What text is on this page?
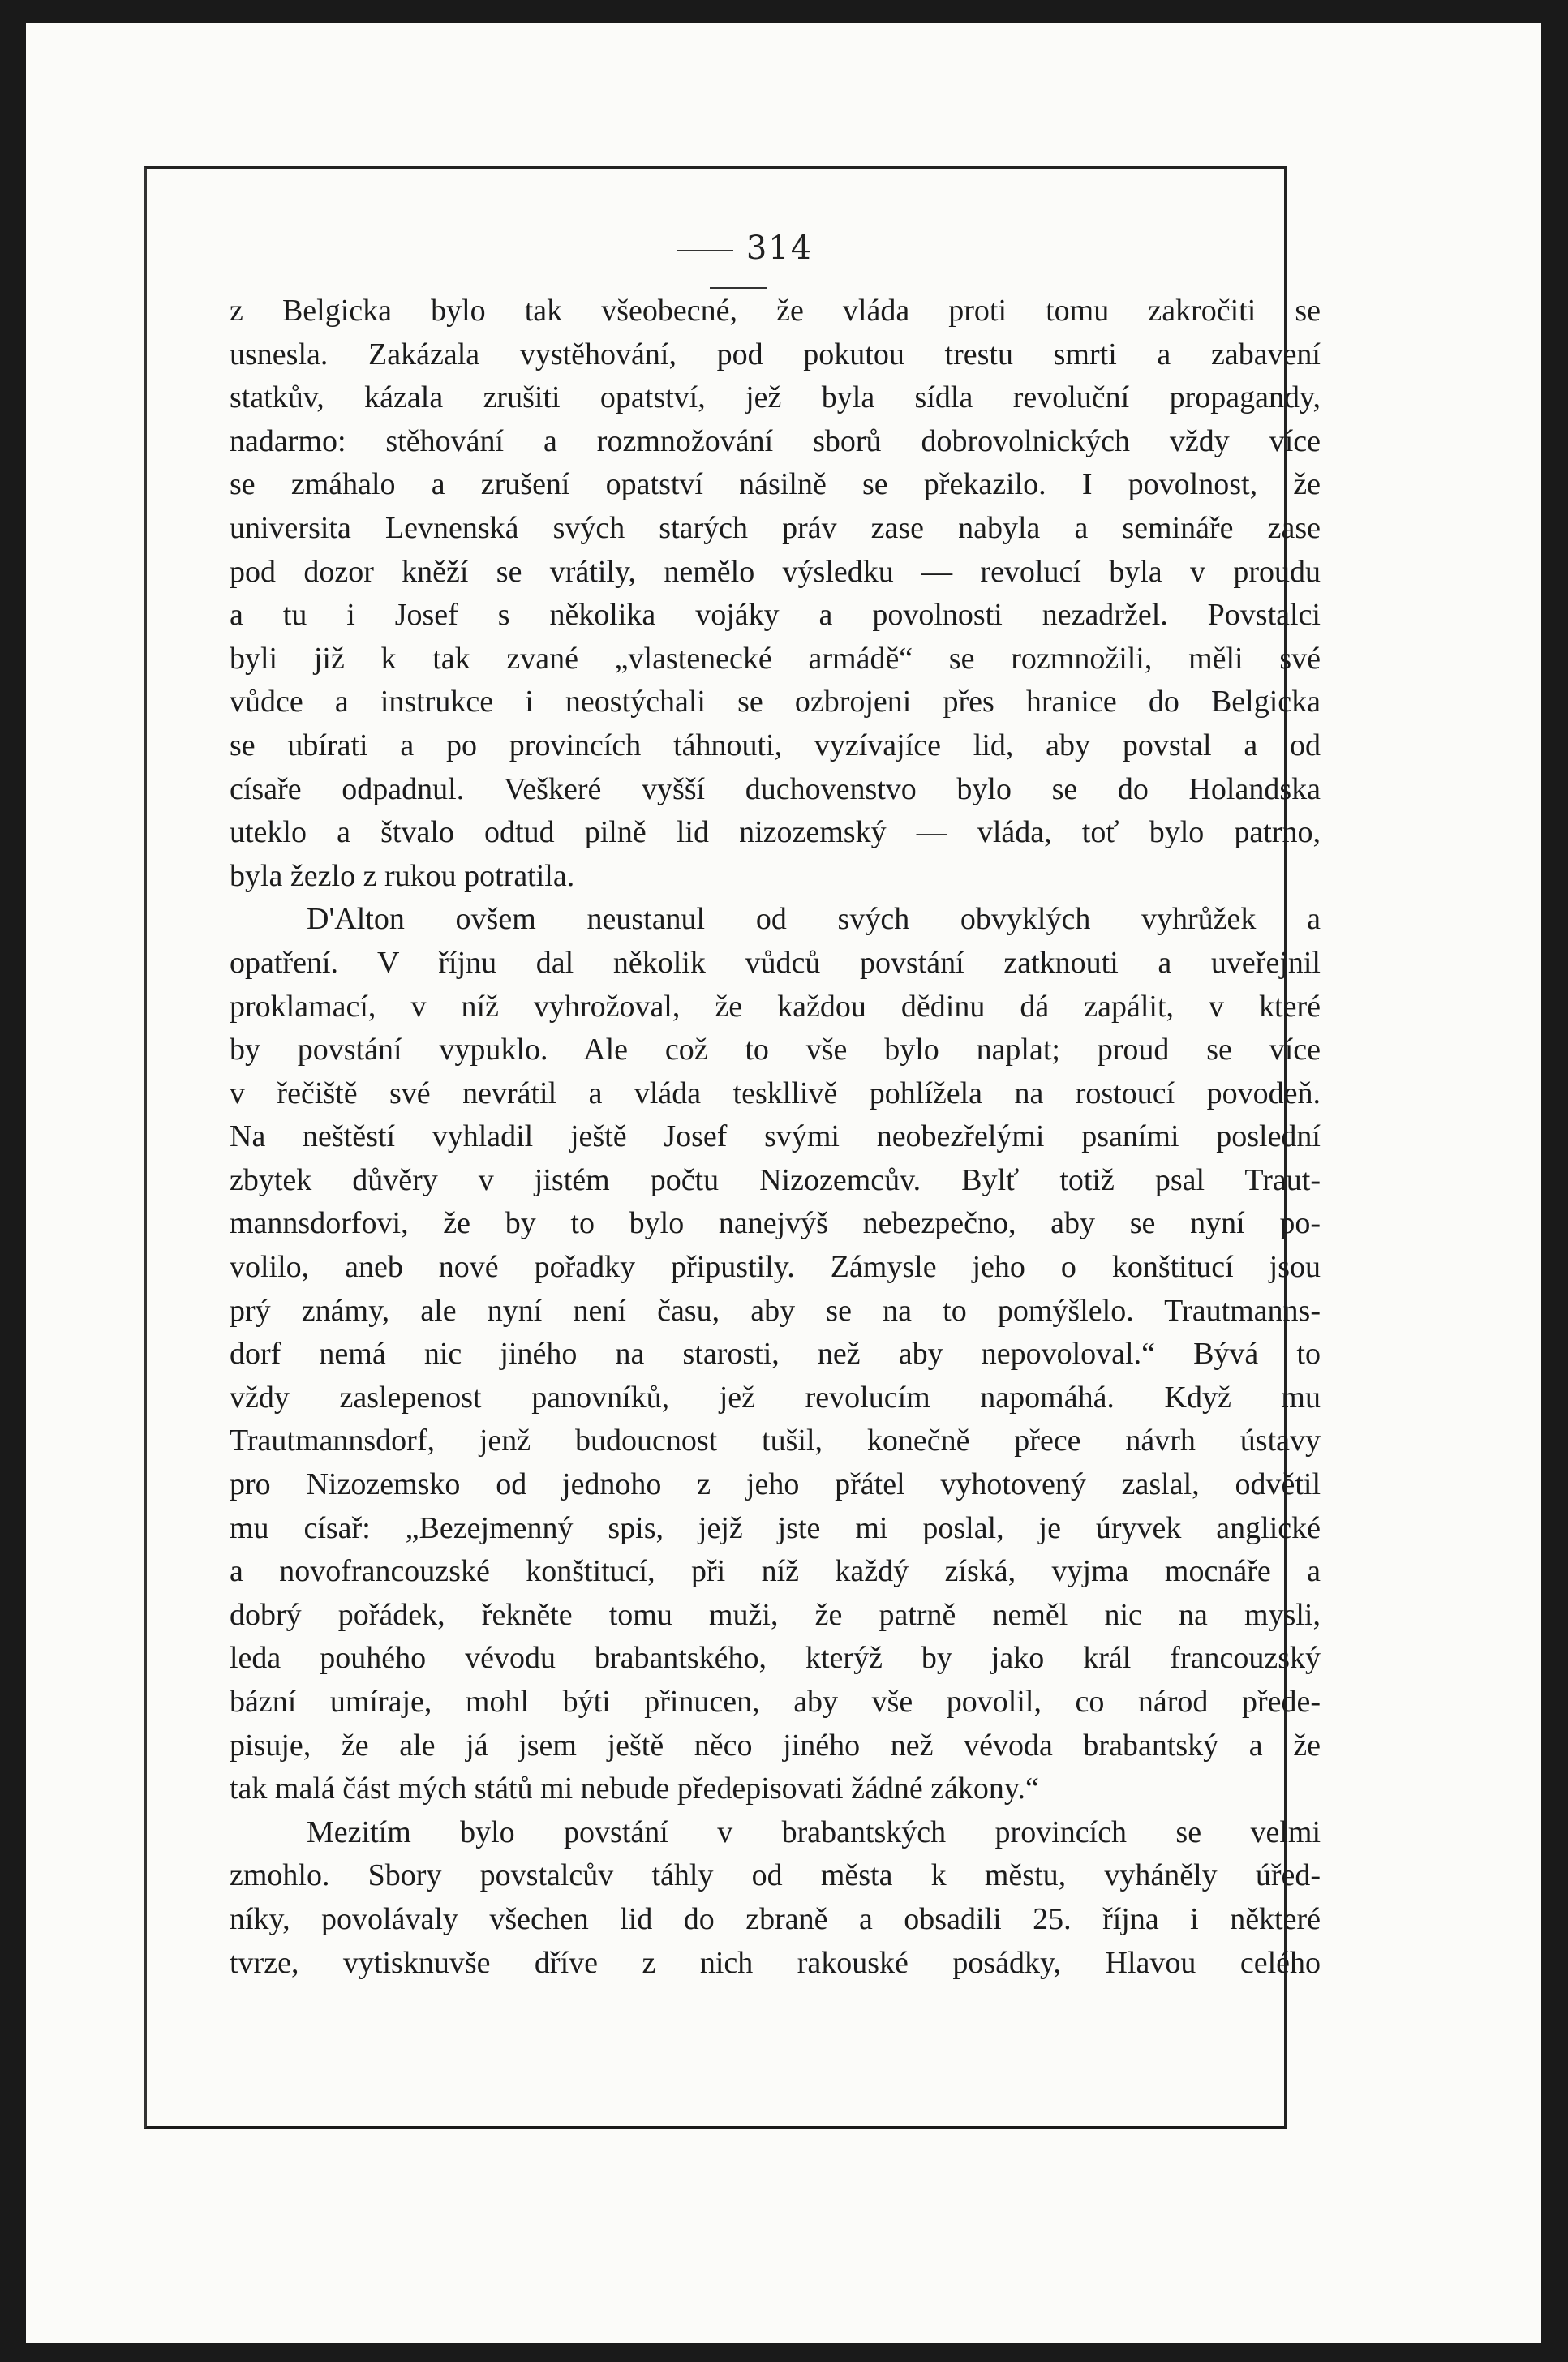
314
z Belgicka bylo tak všeobecné, že vláda proti tomu zakročiti se
usnesla. Zakázala vystěhování, pod pokutou trestu smrti a zabavení
statkův, kázala zrušiti opatství, jež byla sídla revoluční propagandy,
nadarmo: stěhování a rozmnožování sborů dobrovolnických vždy více
se zmáhalo a zrušení opatství násilně se překazilo. I povolnost, že
universita Levnenská svých starých práv zase nabyla a semináře zase
pod dozor kněží se vrátily, nemělo výsledku — revolucí byla v proudu
a tu i Josef s několika vojáky a povolnosti nezadržel. Povstalci
byli již k tak zvané „vlastenecké armádě“ se rozmnožili, měli své
vůdce a instrukce i neostýchali se ozbrojeni přes hranice do Belgicka
se ubírati a po provincích táhnouti, vyzívajíce lid, aby povstal a od
císaře odpadnul. Veškeré vyšší duchovenstvo bylo se do Holandska
uteklo a štvalo odtud pilně lid nizozemský — vláda, toť bylo patrno,
byla žezlo z rukou potratila.
D'Alton ovšem neustanul od svých obvyklých vyhrůžek a
opatření. V říjnu dal několik vůdců povstání zatknouti a uveřejnil
proklamací, v níž vyhrožoval, že každou dědinu dá zapálit, v které
by povstání vypuklo. Ale což to vše bylo naplat; proud se více
v řečiště své nevrátil a vláda teskllivě pohlížela na rostoucí povodeň.
Na neštěstí vyhladil ještě Josef svými neobezřelými psaními poslední
zbytek důvěry v jistém počtu Nizozemcův. Bylť totiž psal Traut-
mannsdorfovi, že by to bylo nanejvýš nebezpečno, aby se nyní po-
volilo, aneb nové pořadky připustily. Zámysle jeho o konštitucí jsou
prý známy, ale nyní není času, aby se na to pomýšlelo. Trautmanns-
dorf nemá nic jiného na starosti, než aby nepovoloval.“ Bývá to
vždy zaslepenost panovníků, jež revolucím napomáhá. Když mu
Trautmannsdorf, jenž budoucnost tušil, konečně přece návrh ústavy
pro Nizozemsko od jednoho z jeho přátel vyhotovený zaslal, odvětil
mu císař: „Bezejmenný spis, jejž jste mi poslal, je úryvek anglické
a novofrancouzské konštitucí, při níž každý získá, vyjma mocnáře a
dobrý pořádek, řekněte tomu muži, že patrně neměl nic na mysli,
leda pouhého vévodu brabantského, kterýž by jako král francouzský
bázní umíraje, mohl býti přinucen, aby vše povolil, co národ přede-
pisuje, že ale já jsem ještě něco jiného než vévoda brabantský a že
tak malá část mých států mi nebude předepisovati žádné zákony.“
Mezitím bylo povstání v brabantských provincích se velmi
zmohlo. Sbory povstalcův táhly od města k městu, vyháněly úřed-
níky, povolávaly všechen lid do zbraně a obsadili 25. října i některé
tvrze, vytisknuvše dříve z nich rakouské posádky, Hlavou celého
